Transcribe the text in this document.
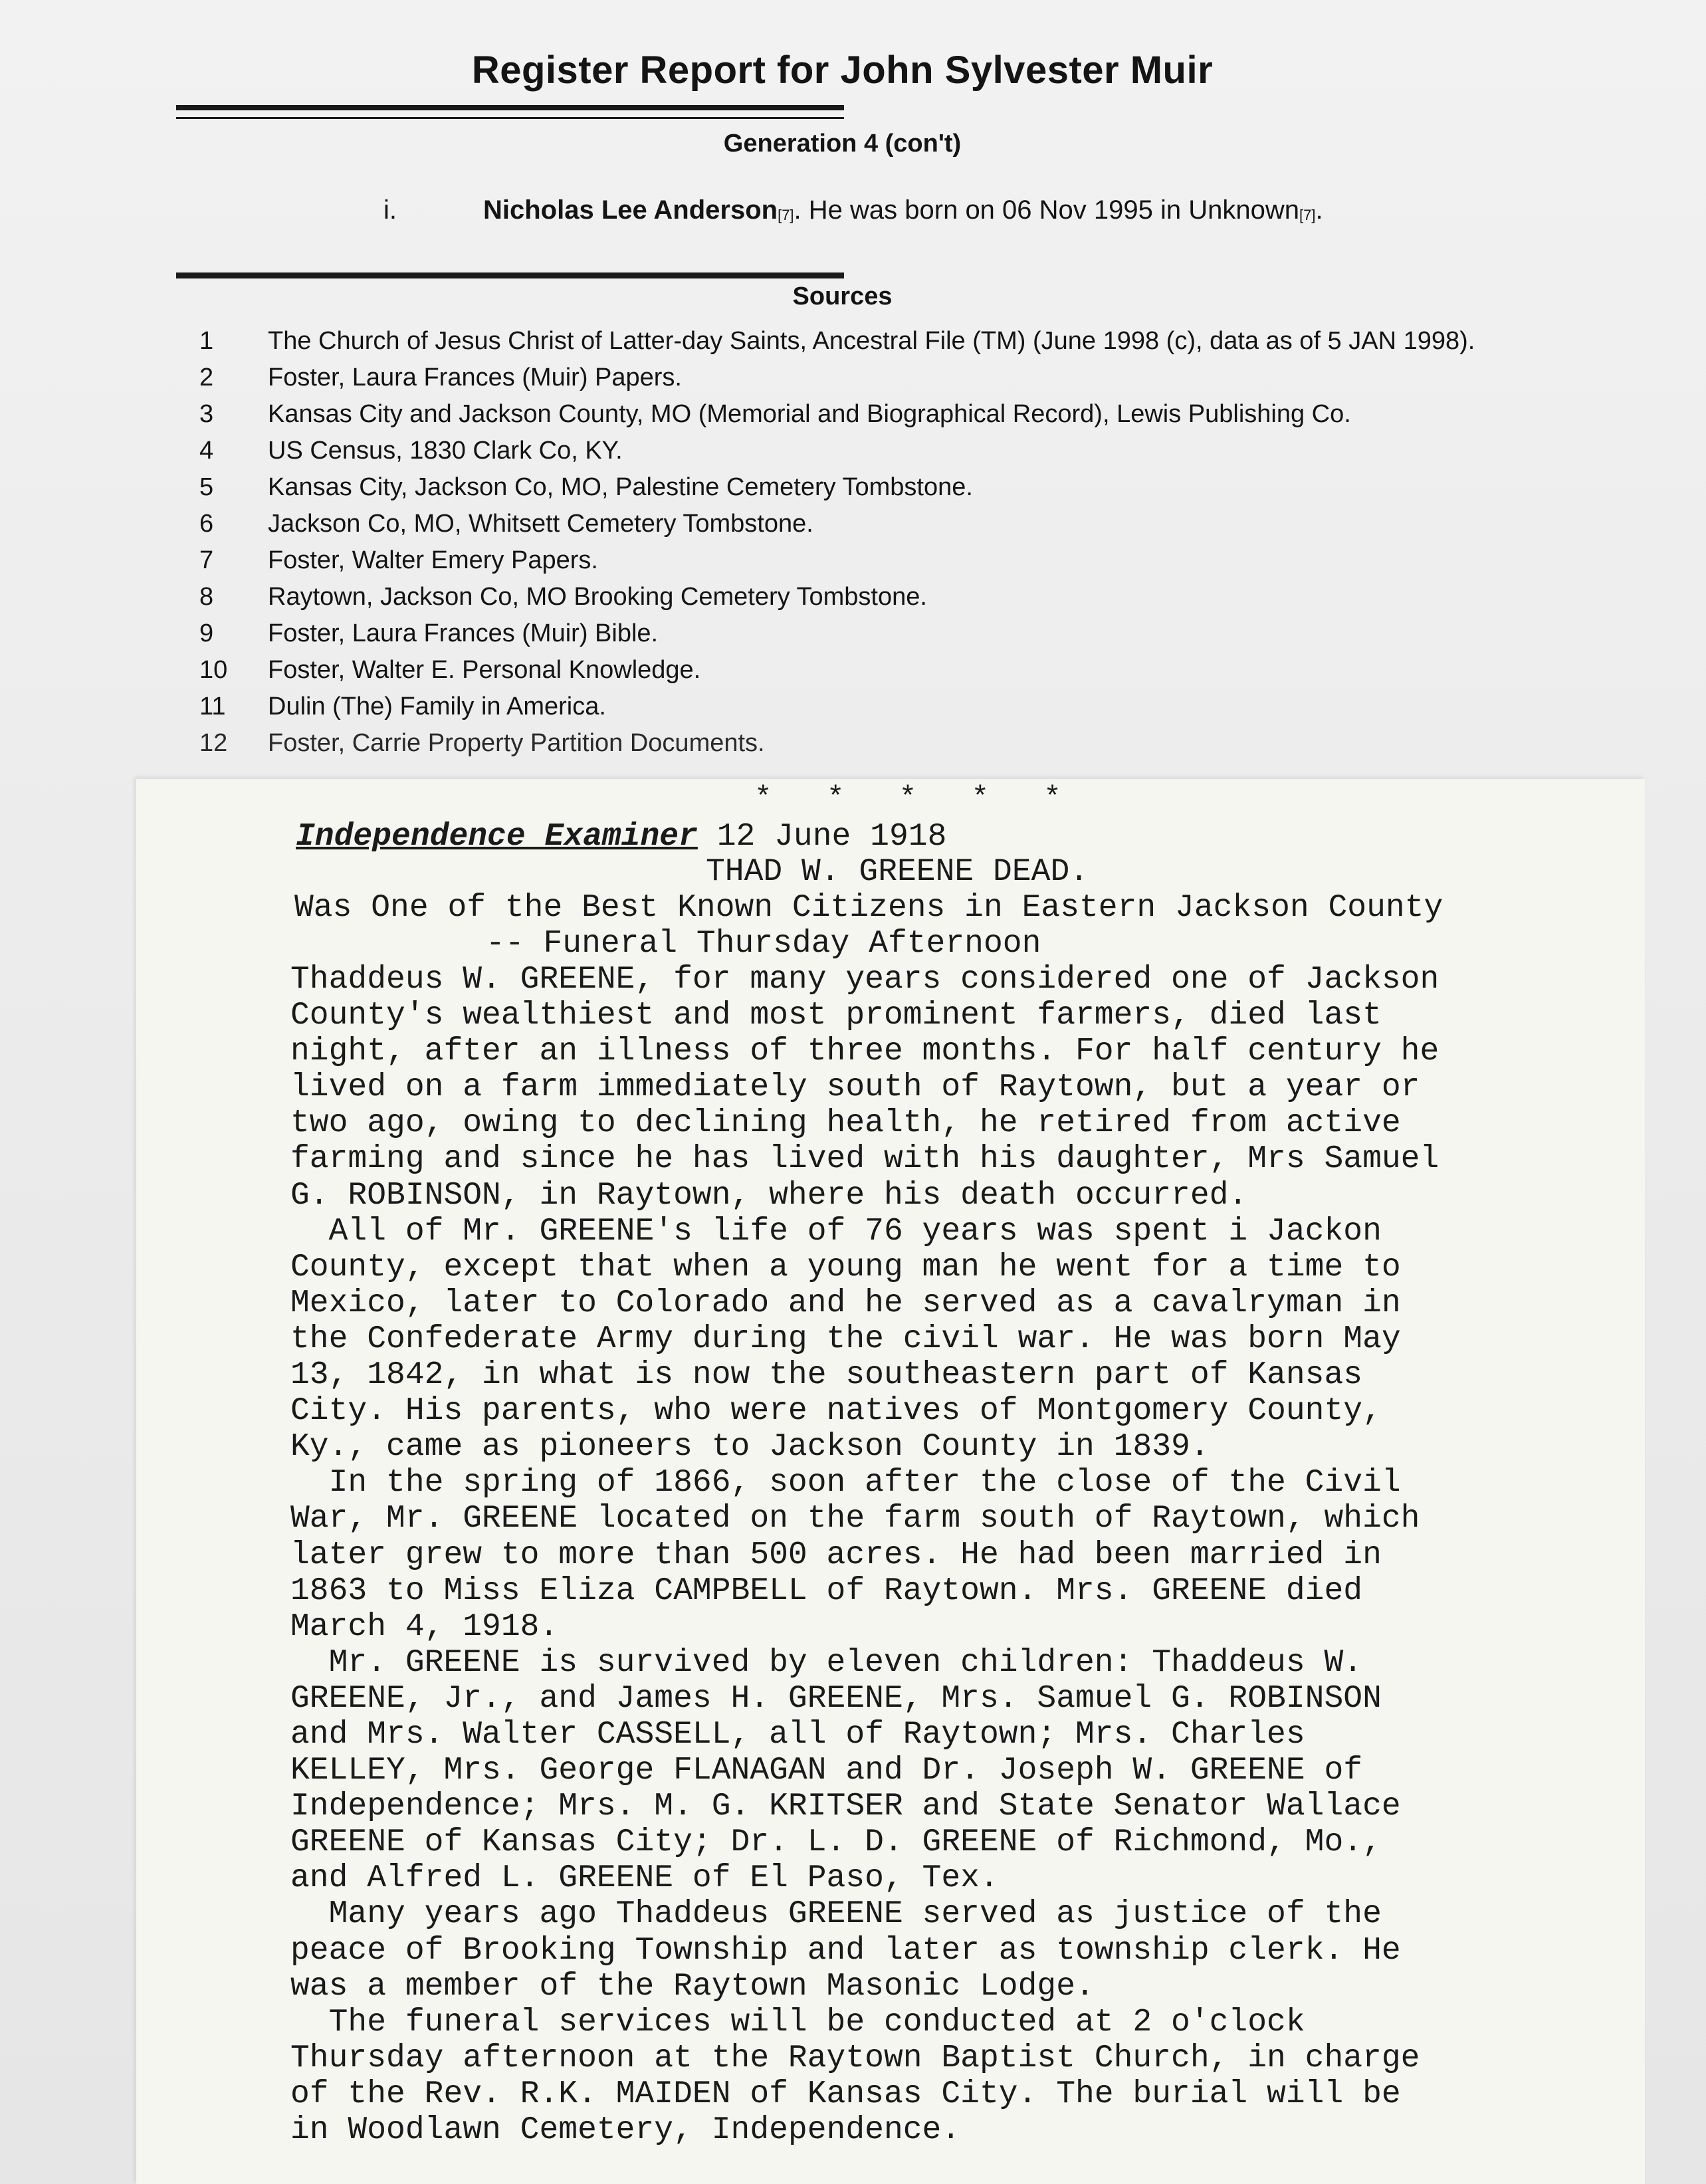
Register Report for John Sylvester Muir
Generation 4 (con't)
i.	Nicholas Lee Anderson$_{[7]}$. He was born on 06 Nov 1995 in Unknown$_{[7]}$.
Sources
1	The Church of Jesus Christ of Latter-day Saints, Ancestral File (TM) (June 1998 (c), data as of 5 JAN 1998).
2	Foster, Laura Frances (Muir) Papers.
3	Kansas City and Jackson County, MO (Memorial and Biographical Record), Lewis Publishing Co.
4	US Census, 1830 Clark Co, KY.
5	Kansas City, Jackson Co, MO, Palestine Cemetery Tombstone.
6	Jackson Co, MO, Whitsett Cemetery Tombstone.
7	Foster, Walter Emery Papers.
8	Raytown, Jackson Co, MO Brooking Cemetery Tombstone.
9	Foster, Laura Frances (Muir) Bible.
10	Foster, Walter E. Personal Knowledge.
11	Dulin (The) Family in America.
12	Foster, Carrie Property Partition Documents.
* * * * *
Independence Examiner 12 June 1918
THAD W. GREENE DEAD.
Was One of the Best Known Citizens in Eastern Jackson County
-- Funeral Thursday Afternoon
Thaddeus W. GREENE, for many years considered one of Jackson
County's wealthiest and most prominent farmers, died last
night, after an illness of three months. For half century he
lived on a farm immediately south of Raytown, but a year or
two ago, owing to declining health, he retired from active
farming and since he has lived with his daughter, Mrs Samuel
G. ROBINSON, in Raytown, where his death occurred.
All of Mr. GREENE's life of 76 years was spent i Jackon
County, except that when a young man he went for a time to
Mexico, later to Colorado and he served as a cavalryman in
the Confederate Army during the civil war. He was born May
13, 1842, in what is now the southeastern part of Kansas
City. His parents, who were natives of Montgomery County,
Ky., came as pioneers to Jackson County in 1839.
In the spring of 1866, soon after the close of the Civil
War, Mr. GREENE located on the farm south of Raytown, which
later grew to more than 500 acres. He had been married in
1863 to Miss Eliza CAMPBELL of Raytown. Mrs. GREENE died
March 4, 1918.
Mr. GREENE is survived by eleven children: Thaddeus W.
GREENE, Jr., and James H. GREENE, Mrs. Samuel G. ROBINSON
and Mrs. Walter CASSELL, all of Raytown; Mrs. Charles
KELLEY, Mrs. George FLANAGAN and Dr. Joseph W. GREENE of
Independence; Mrs. M. G. KRITSER and State Senator Wallace
GREENE of Kansas City; Dr. L. D. GREENE of Richmond, Mo.,
and Alfred L. GREENE of El Paso, Tex.
Many years ago Thaddeus GREENE served as justice of the
peace of Brooking Township and later as township clerk. He
was a member of the Raytown Masonic Lodge.
The funeral services will be conducted at 2 o'clock
Thursday afternoon at the Raytown Baptist Church, in charge
of the Rev. R.K. MAIDEN of Kansas City. The burial will be
in Woodlawn Cemetery, Independence.
